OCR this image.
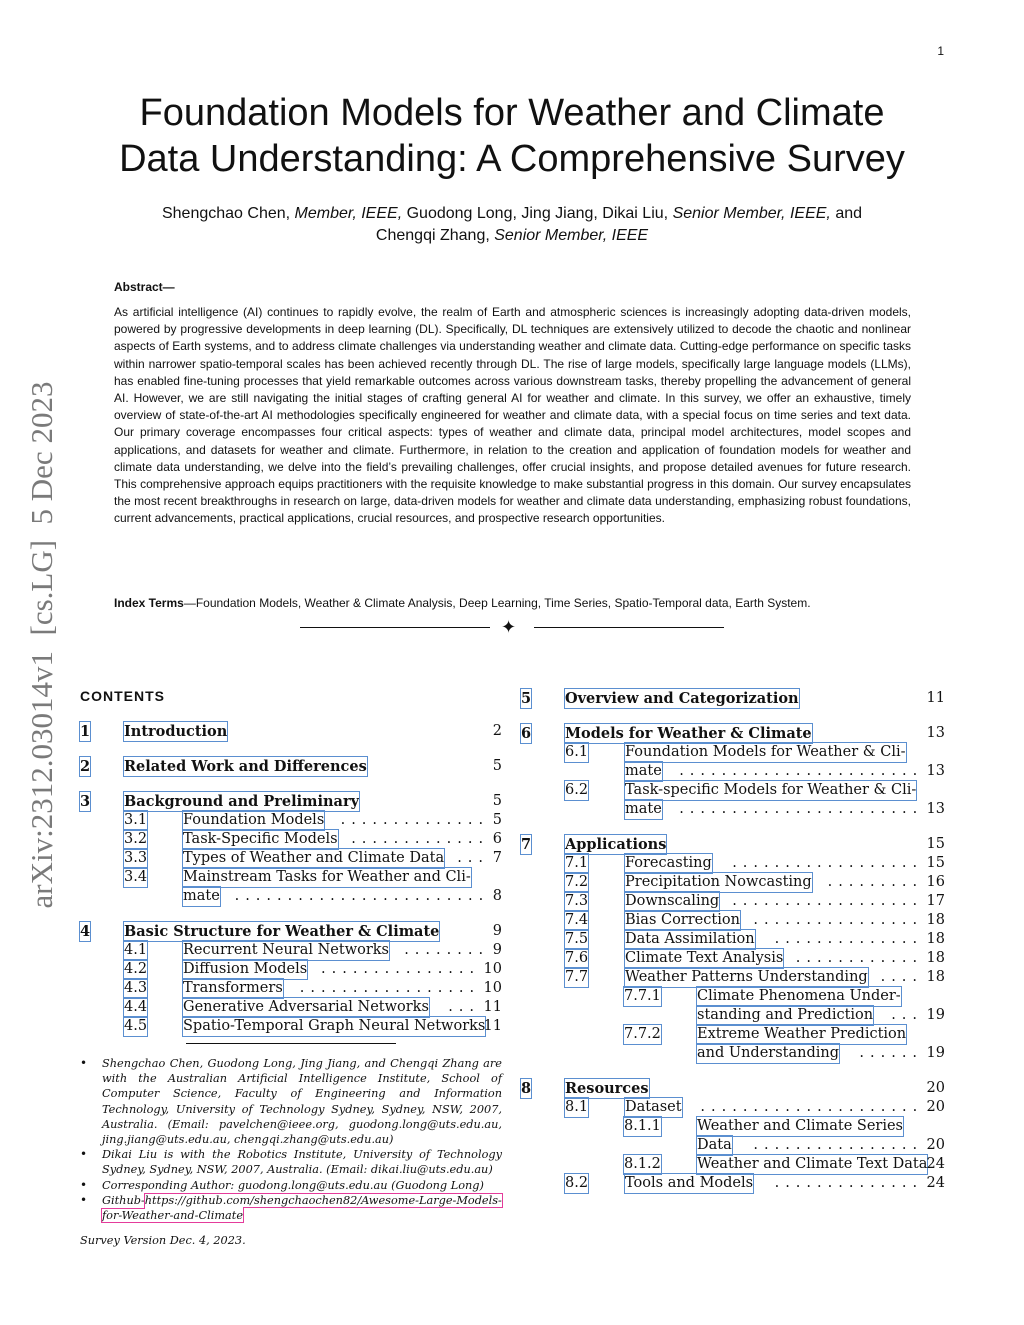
1
Foundation Models for Weather and Climate
Data Understanding: A Comprehensive Survey
Shengchao Chen, Member, IEEE, Guodong Long, Jing Jiang, Dikai Liu, Senior Member, IEEE, and
Chengqi Zhang, Senior Member, IEEE
arXiv:2312.03014v1  [cs.LG]  5 Dec 2023
Abstract—
As artificial intelligence (AI) continues to rapidly evolve, the realm of Earth and atmospheric sciences is increasingly adopting data-driven models, powered by progressive developments in deep learning (DL). Specifically, DL techniques are extensively utilized to decode the chaotic and nonlinear aspects of Earth systems, and to address climate challenges via understanding weather and climate data. Cutting-edge performance on specific tasks within narrower spatio-temporal scales has been achieved recently through DL. The rise of large models, specifically large language models (LLMs), has enabled fine-tuning processes that yield remarkable outcomes across various downstream tasks, thereby propelling the advancement of general AI. However, we are still navigating the initial stages of crafting general AI for weather and climate. In this survey, we offer an exhaustive, timely overview of state-of-the-art AI methodologies specifically engineered for weather and climate data, with a special focus on time series and text data. Our primary coverage encompasses four critical aspects: types of weather and climate data, principal model architectures, model scopes and applications, and datasets for weather and climate. Furthermore, in relation to the creation and application of foundation models for weather and climate data understanding, we delve into the field’s prevailing challenges, offer crucial insights, and propose detailed avenues for future research. This comprehensive approach equips practitioners with the requisite knowledge to make substantial progress in this domain. Our survey encapsulates the most recent breakthroughs in research on large, data-driven models for weather and climate data understanding, emphasizing robust foundations, current advancements, practical applications, crucial resources, and prospective research opportunities.
Index Terms—Foundation Models, Weather & Climate Analysis, Deep Learning, Time Series, Spatio-Temporal data, Earth System.
✦
CONTENTS
1 Introduction	2
2 Related Work and Differences	5
3 Background and Preliminary	5
3.1 Foundation Models .............. 5
3.2 Task-Specific Models ............. 6
3.3 Types of Weather and Climate Data ... 7
3.4 Mainstream Tasks for Weather and Cli-
mate ........................ 8
4 Basic Structure for Weather & Climate	9
4.1 Recurrent Neural Networks ........ 9
4.2 Diffusion Models ............... 10
4.3 Transformers ................. 10
4.4 Generative Adversarial Networks ... 11
4.5 Spatio-Temporal Graph Neural Networks
11
5 Overview and Categorization	11
6 Models for Weather & Climate	13
6.1	Foundation Models for Weather & Cli-
mate ....................... 13
6.2	Task-specific Models for Weather & Cli-
mate ....................... 13
7 Applications	15
7.1	Forecasting .................. 15
7.2	Precipitation Nowcasting ......... 16
7.3	Downscaling .................. 17
7.4	Bias Correction ................ 18
7.5	Data Assimilation .............. 18
7.6	Climate Text Analysis ............ 18
7.7	Weather Patterns Understanding .... 18
7.7.1 Climate Phenomena Under-
standing and Prediction ... 19
7.7.2 Extreme Weather Prediction
and Understanding ...... 19
8 Resources	20
8.1	Dataset ..................... 20
8.1.1 Weather and Climate Series
Data ................ 20
8.1.2 Weather and Climate Text Data 24
8.2	Tools and Models .............. 24
• Shengchao Chen, Guodong Long, Jing Jiang, and Chengqi Zhang are with the Australian Artificial Intelligence Institute, School of Computer Science, Faculty of Engineering and Information Technology, University of Technology Sydney, Sydney, NSW, 2007, Australia. (Email: pavelchen@ieee.org, guodong.long@uts.edu.au, jing.jiang@uts.edu.au, chengqi.zhang@uts.edu.au)
• Dikai Liu is with the Robotics Institute, University of Technology Sydney, Sydney, NSW, 2007, Australia. (Email: dikai.liu@uts.edu.au)
• Corresponding Author: guodong.long@uts.edu.au (Guodong Long)
• Github-https://github.com/shengchaochen82/Awesome-Large-Models-for-Weather-and-Climate
Survey Version Dec. 4, 2023.
